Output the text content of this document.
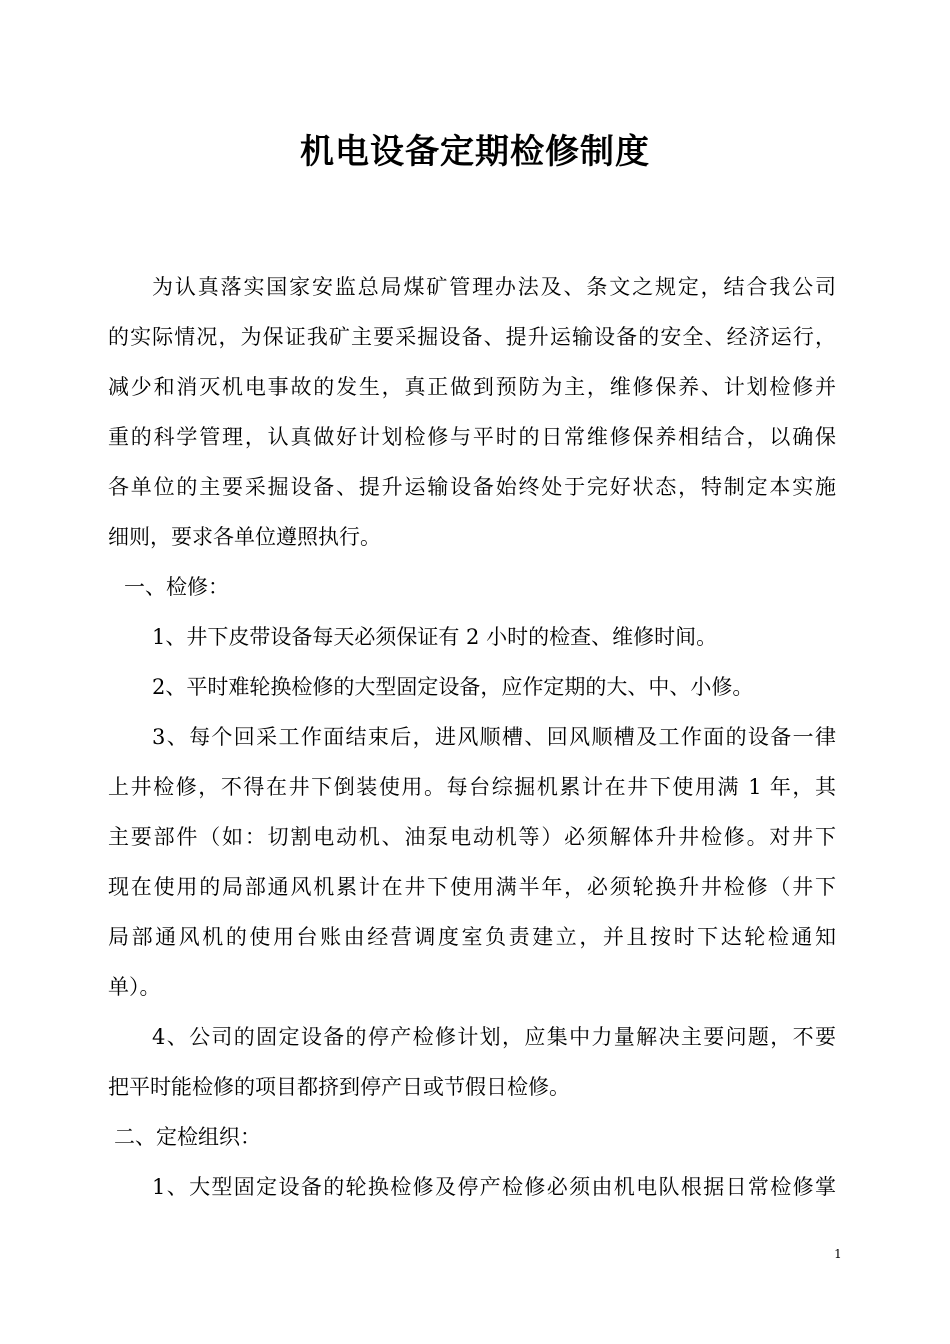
机电设备定期检修制度
为认真落实国家安监总局煤矿管理办法及、条文之规定，结合我公司
的实际情况，为保证我矿主要采掘设备、提升运输设备的安全、经济运行，
减少和消灭机电事故的发生，真正做到预防为主，维修保养、计划检修并
重的科学管理，认真做好计划检修与平时的日常维修保养相结合，以确保
各单位的主要采掘设备、提升运输设备始终处于完好状态，特制定本实施
细则，要求各单位遵照执行。
一、检修：
1、井下皮带设备每天必须保证有 2 小时的检查、维修时间。
2、平时难轮换检修的大型固定设备，应作定期的大、中、小修。
3、每个回采工作面结束后，进风顺槽、回风顺槽及工作面的设备一律
上井检修，不得在井下倒装使用。每台综掘机累计在井下使用满 1 年，其
主要部件（如：切割电动机、油泵电动机等）必须解体升井检修。对井下
现在使用的局部通风机累计在井下使用满半年，必须轮换升井检修（井下
局部通风机的使用台账由经营调度室负责建立，并且按时下达轮检通知
单）。
4、公司的固定设备的停产检修计划，应集中力量解决主要问题，不要
把平时能检修的项目都挤到停产日或节假日检修。
二、定检组织：
1、大型固定设备的轮换检修及停产检修必须由机电队根据日常检修掌
1
